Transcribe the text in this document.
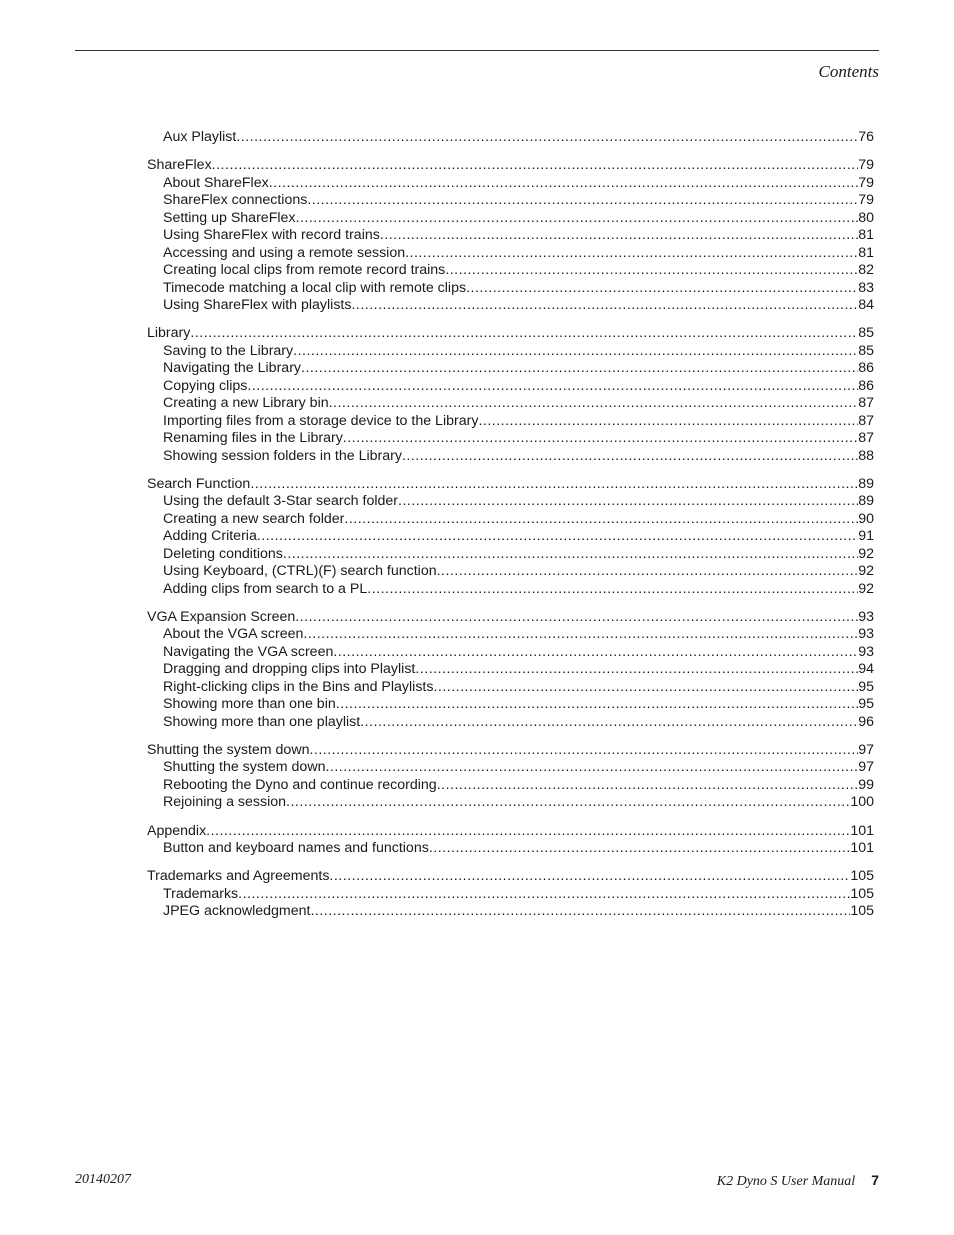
Contents
Aux Playlist .....	76
ShareFlex .....	79
About ShareFlex .....	79
ShareFlex connections .....	79
Setting up ShareFlex .....	80
Using ShareFlex with record trains .....	81
Accessing and using a remote session .....	81
Creating local clips from remote record trains .....	82
Timecode matching a local clip with remote clips .....	83
Using ShareFlex with playlists .....	84
Library .....	85
Saving to the Library .....	85
Navigating the Library .....	86
Copying clips .....	86
Creating a new Library bin .....	87
Importing files from a storage device to the Library .....	87
Renaming files in the Library .....	87
Showing session folders in the Library .....	88
Search Function .....	89
Using the default 3-Star search folder .....	89
Creating a new search folder .....	90
Adding Criteria .....	91
Deleting conditions .....	92
Using Keyboard, (CTRL)(F) search function .....	92
Adding clips from search to a PL .....	92
VGA Expansion Screen .....	93
About the VGA screen .....	93
Navigating the VGA screen .....	93
Dragging and dropping clips into Playlist .....	94
Right-clicking clips in the Bins and Playlists .....	95
Showing more than one bin .....	95
Showing more than one playlist .....	96
Shutting the system down .....	97
Shutting the system down .....	97
Rebooting the Dyno and continue recording .....	99
Rejoining a session .....	100
Appendix .....	101
Button and keyboard names and functions .....	101
Trademarks and Agreements .....	105
Trademarks .....	105
JPEG acknowledgment .....	105
20140207	K2 Dyno S User Manual 7
